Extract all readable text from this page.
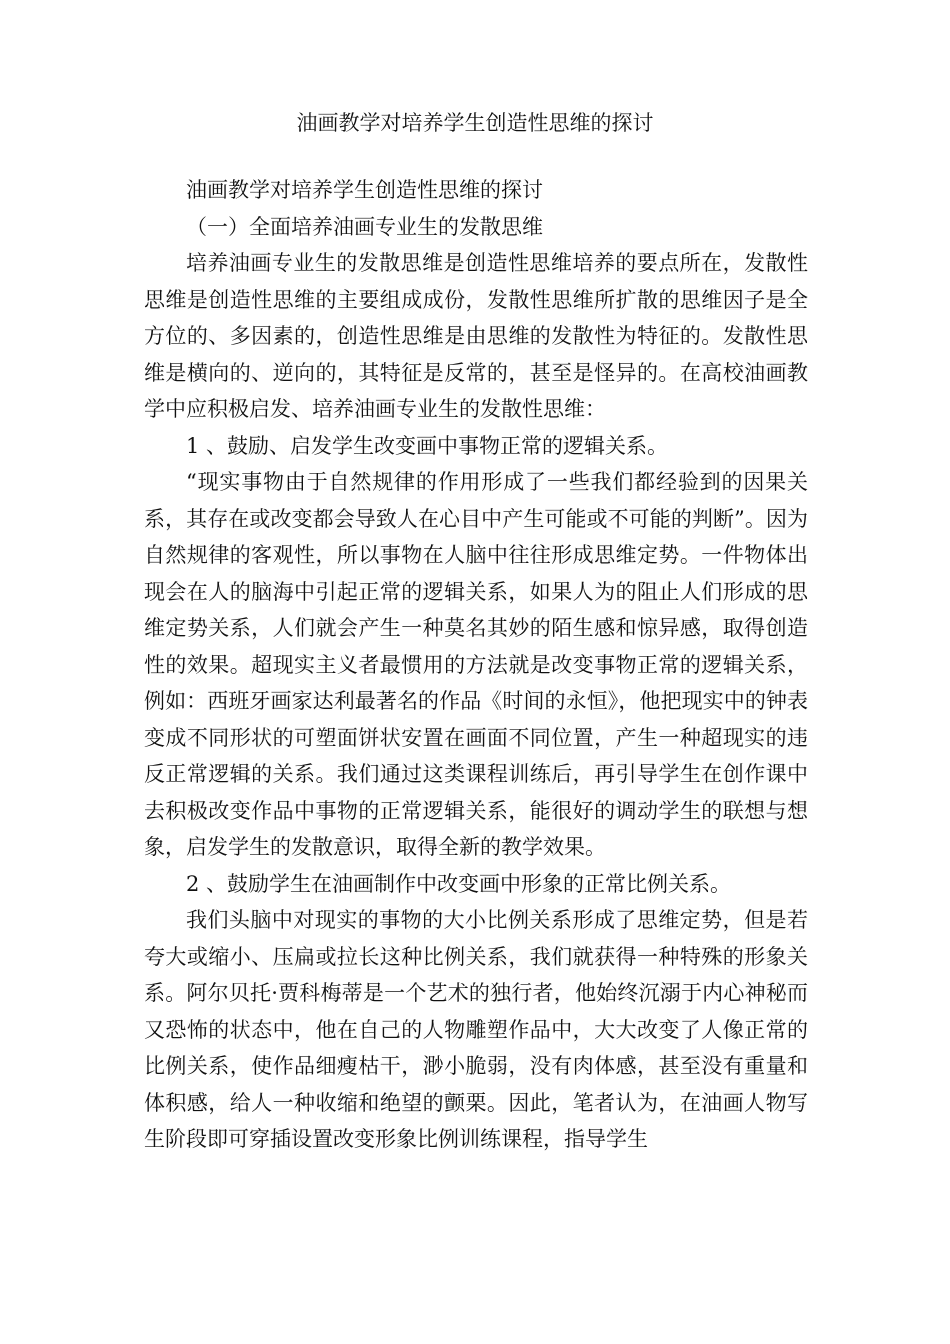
油画教学对培养学生创造性思维的探讨

油画教学对培养学生创造性思维的探讨

（一）全面培养油画专业生的发散思维

培养油画专业生的发散思维是创造性思维培养的要点所在，发散性思维是创造性思维的主要组成成份，发散性思维所扩散的思维因子是全方位的、多因素的，创造性思维是由思维的发散性为特征的。发散性思维是横向的、逆向的，其特征是反常的，甚至是怪异的。在高校油画教学中应积极启发、培养油画专业生的发散性思维：

1 、鼓励、启发学生改变画中事物正常的逻辑关系。

“现实事物由于自然规律的作用形成了一些我们都经验到的因果关系，其存在或改变都会导致人在心目中产生可能或不可能的判断”。因为自然规律的客观性，所以事物在人脑中往往形成思维定势。一件物体出现会在人的脑海中引起正常的逻辑关系，如果人为的阻止人们形成的思维定势关系，人们就会产生一种莫名其妙的陌生感和惊异感，取得创造性的效果。超现实主义者最惯用的方法就是改变事物正常的逻辑关系，例如：西班牙画家达利最著名的作品《时间的永恒》，他把现实中的钟表变成不同形状的可塑面饼状安置在画面不同位置，产生一种超现实的违反正常逻辑的关系。我们通过这类课程训练后，再引导学生在创作课中去积极改变作品中事物的正常逻辑关系，能很好的调动学生的联想与想象，启发学生的发散意识，取得全新的教学效果。

2 、鼓励学生在油画制作中改变画中形象的正常比例关系。

我们头脑中对现实的事物的大小比例关系形成了思维定势，但是若夸大或缩小、压扁或拉长这种比例关系，我们就获得一种特殊的形象关系。阿尔贝托·贾科梅蒂是一个艺术的独行者，他始终沉溺于内心神秘而又恐怖的状态中，他在自己的人物雕塑作品中，大大改变了人像正常的比例关系，使作品细瘦枯干，渺小脆弱，没有肉体感，甚至没有重量和体积感，给人一种收缩和绝望的颤栗。因此，笔者认为，在油画人物写生阶段即可穿插设置改变形象比例训练课程，指导学生
